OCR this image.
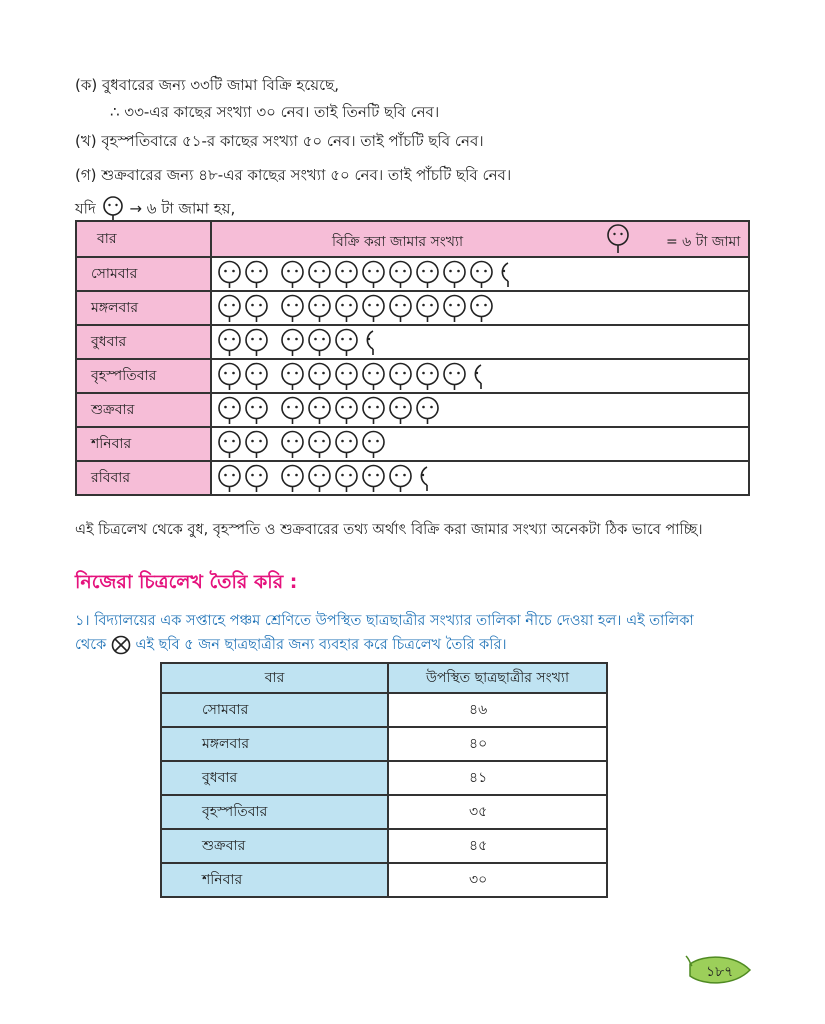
(ক) বুধবারের জন্য ৩৩টি জামা বিক্রি হয়েছে,
∴ ৩৩-এর কাছের সংখ্যা ৩০ নেব। তাই তিনটি ছবি নেব।
(খ) বৃহস্পতিবারে ৫১-র কাছের সংখ্যা ৫০ নেব। তাই পাঁচটি ছবি নেব।
(গ) শুক্রবারের জন্য ৪৮-এর কাছের সংখ্যা ৫০ নেব। তাই পাঁচটি ছবি নেব।
যদি → ৬ টা জামা হয়,
বার	বিক্রি করা জামার সংখ্যা = ৬ টা জামা

সোমবার	
মঙ্গলবার	
বুধবার	
বৃহস্পতিবার	
শুক্রবার	
শনিবার	
রবিবার	
এই চিত্রলেখ থেকে বুধ, বৃহস্পতি ও শুক্রবারের তথ্য অর্থাৎ বিক্রি করা জামার সংখ্যা অনেকটা ঠিক ভাবে পাচ্ছি।
নিজেরা চিত্রলেখ তৈরি করি :
১। বিদ্যালয়ের এক সপ্তাহে পঞ্চম শ্রেণিতে উপস্থিত ছাত্রছাত্রীর সংখ্যার তালিকা নীচে দেওয়া হল। এই তালিকা
থেকে এই ছবি ৫ জন ছাত্রছাত্রীর জন্য ব্যবহার করে চিত্রলেখ তৈরি করি।
বার	উপস্থিত ছাত্রছাত্রীর সংখ্যা
সোমবার	৪৬
মঙ্গলবার	৪০
বুধবার	৪১
বৃহস্পতিবার	৩৫
শুক্রবার	৪৫
শনিবার	৩০
১৮৭
